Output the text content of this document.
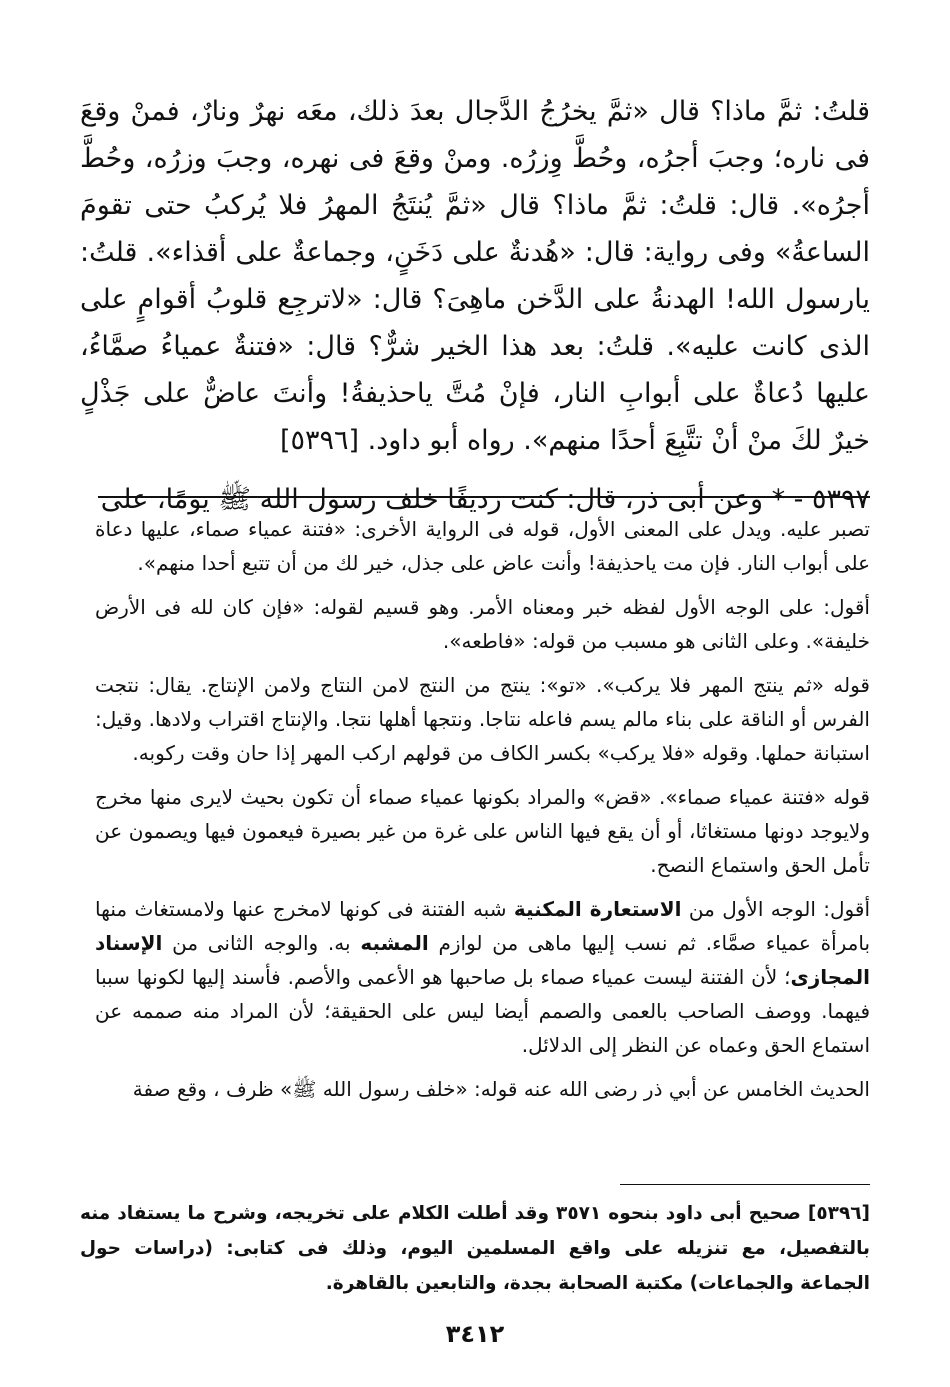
قلتُ: ثمَّ ماذا؟ قال «ثمَّ يخرُجُ الدَّجال بعدَ ذلك، معَه نهرٌ ونارٌ، فمنْ وقعَ فى ناره؛ وجبَ أجرُه، وحُطَّ وِزرُه. ومنْ وقعَ فى نهره، وجبَ وزرُه، وحُطَّ أجرُه». قال: قلتُ: ثمَّ ماذا؟ قال «ثمَّ يُنتَجُ المهرُ فلا يُركبُ حتى تقومَ الساعةُ» وفى رواية: قال: «هُدنةٌ على دَخَنٍ، وجماعةٌ على أقذاء». قلتُ: يارسول الله! الهدنةُ على الدَّخن ماهِىَ؟ قال: «لاترجِع قلوبُ أقوامٍ على الذى كانت عليه». قلتُ: بعد هذا الخير شرٌّ؟ قال: «فتنةٌ عمياءُ صمَّاءُ، عليها دُعاةٌ على أبوابِ النار، فإنْ مُتَّ ياحذيفةُ! وأنتَ عاضٌّ على جَذْلٍ خيرٌ لكَ منْ أنْ تتَّبِعَ أحدًا منهم». رواه أبو داود. [٥٣٩٦]

٥٣٩٧ - * وعن أبى ذر، قال: كنت رديفًا خلف رسول الله ﷺ يومًا، على

تصبر عليه. ويدل على المعنى الأول، قوله فى الرواية الأخرى: «فتنة عمياء صماء، عليها دعاة على أبواب النار. فإن مت ياحذيفة! وأنت عاض على جذل، خير لك من أن تتبع أحدا منهم».

أقول: على الوجه الأول لفظه خبر ومعناه الأمر. وهو قسيم لقوله: «فإن كان لله فى الأرض خليفة». وعلى الثانى هو مسبب من قوله: «فاطعه».

قوله «ثم ينتج المهر فلا يركب». «تو»: ينتج من النتج لامن النتاج ولامن الإنتاج. يقال: نتجت الفرس أو الناقة على بناء مالم يسم فاعله نتاجا. ونتجها أهلها نتجا. والإنتاج اقتراب ولادها. وقيل: استبانة حملها. وقوله «فلا يركب» بكسر الكاف من قولهم اركب المهر إذا حان وقت ركوبه.

قوله «فتنة عمياء صماء». «قض» والمراد بكونها عمياء صماء أن تكون بحيث لايرى منها مخرج ولايوجد دونها مستغاثا، أو أن يقع فيها الناس على غرة من غير بصيرة فيعمون فيها ويصمون عن تأمل الحق واستماع النصح.

أقول: الوجه الأول من الاستعارة المكنية شبه الفتنة فى كونها لامخرج عنها ولامستغاث منها بامرأة عمياء صمَّاء. ثم نسب إليها ماهى من لوازم المشبه به. والوجه الثانى من الإسناد المجازى؛ لأن الفتنة ليست عمياء صماء بل صاحبها هو الأعمى والأصم. فأسند إليها لكونها سببا فيهما. ووصف الصاحب بالعمى والصمم أيضا ليس على الحقيقة؛ لأن المراد منه صممه عن استماع الحق وعماه عن النظر إلى الدلائل.

الحديث الخامس عن أبي ذر رضى الله عنه قوله: «خلف رسول الله ﷺ» ظرف ، وقع صفة

[٥٣٩٦] صحيح أبى داود بنحوه ٣٥٧١ وقد أطلت الكلام على تخريجه، وشرح ما يستفاد منه بالتفصيل، مع تنزيله على واقع المسلمين اليوم، وذلك فى كتابى: (دراسات حول الجماعة والجماعات) مكتبة الصحابة بجدة، والتابعين بالقاهرة.

٣٤١٢
